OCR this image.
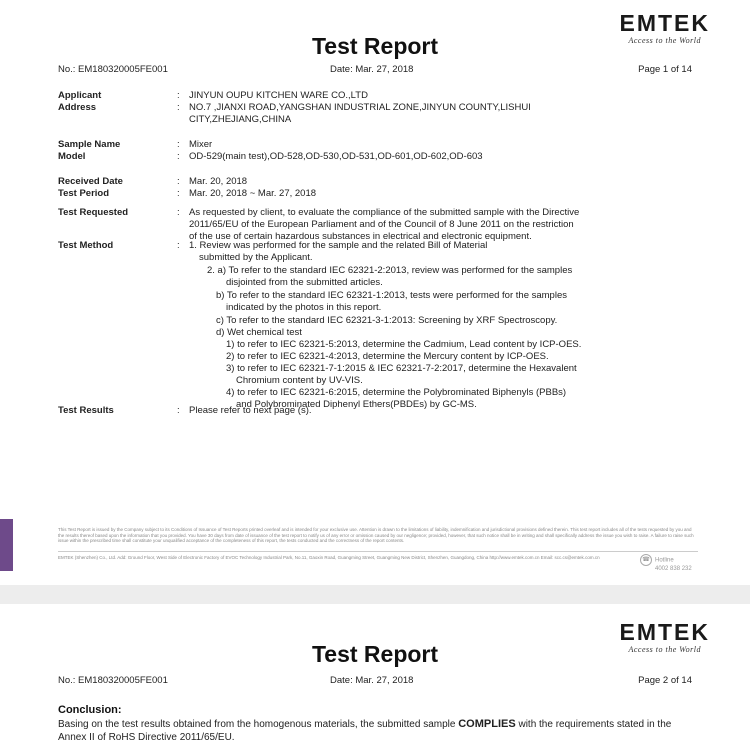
EMTEK
Access to the World
Test Report
No.: EM180320005FE001	Date: Mar. 27, 2018	Page 1 of 14
Applicant	: JINYUN OUPU KITCHEN WARE CO.,LTD
Address	: NO.7 ,JIANXI ROAD,YANGSHAN INDUSTRIAL ZONE,JINYUN COUNTY,LISHUI
CITY,ZHEJIANG,CHINA
Sample Name	: Mixer
Model	: OD-529(main test),OD-528,OD-530,OD-531,OD-601,OD-602,OD-603
Received Date	: Mar. 20, 2018
Test Period	: Mar. 20, 2018 ~ Mar. 27, 2018
Test Requested	: As requested by client, to evaluate the compliance of the submitted sample with the Directive
2011/65/EU of the European Parliament and of the Council of 8 June 2011 on the restriction
of the use of certain hazardous substances in electrical and electronic equipment.
Test Method	: 1. Review was performed for the sample and the related Bill of Material
submitted by the Applicant.
2. a) To refer to the standard IEC 62321-2:2013, review was performed for the samples
disjointed from the submitted articles.
b) To refer to the standard IEC 62321-1:2013, tests were performed for the samples
indicated by the photos in this report.
c) To refer to the standard IEC 62321-3-1:2013: Screening by XRF Spectroscopy.
d) Wet chemical test
1) to refer to IEC 62321-5:2013, determine the Cadmium, Lead content by ICP-OES.
2) to refer to IEC 62321-4:2013, determine the Mercury content by ICP-OES.
3) to refer to IEC 62321-7-1:2015 & IEC 62321-7-2:2017, determine the Hexavalent
Chromium content by UV-VIS.
4) to refer to IEC 62321-6:2015, determine the Polybrominated Biphenyls (PBBs)
and Polybrominated Diphenyl Ethers(PBDEs) by GC-MS.
Test Results	: Please refer to next page (s).
This Test Report is issued by the Company subject to its Conditions of Issuance of Test Reports printed overleaf and is intended for your exclusive use. Attention is drawn to the limitations of liability, indemnification and jurisdictional provisions defined therein. This test report includes all of the tests requested by you and the results thereof based upon the information that you provided. You have 30 days from date of issuance of the test report to notify us of any error or omission caused by our negligence; provided, however, that such notice shall be in writing and shall specifically address the issue you wish to raise. A failure to raise such issue within the prescribed time shall constitute your unqualified acceptance of the completeness of this report, the tests conducted and the correctness of the report contents.
EMTEK (Shenzhen) Co., Ltd. Add: Ground Floor, West Side of Electronic Factory of EVOC Technology Industrial Park, No.11, Gaoxin Road, Guangming Street, Guangming New District, Shenzhen, Guangdong, China http://www.emtek.com.cn Email: scc.cs@emtek.com.cn	☎ Hotline
4002 838 232
EMTEK
Access to the World
Test Report
No.: EM180320005FE001	Date: Mar. 27, 2018	Page 2 of 14
Conclusion:
Basing on the test results obtained from the homogenous materials, the submitted sample COMPLIES with the requirements stated in the Annex II of RoHS Directive 2011/65/EU.
